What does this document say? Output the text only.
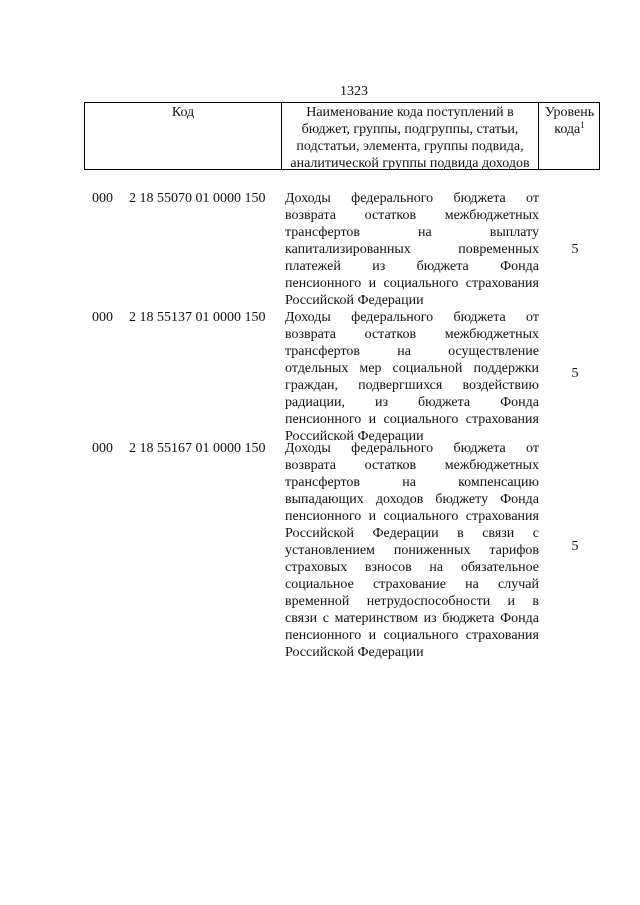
1323
Код	Наименование кода поступлений в
бюджет, группы, подгруппы, статьи,
подстатьи, элемента, группы подвида,
аналитической группы подвида доходов
Уровень
кода$^1$
000 2 18 55070 01 0000 150 Доходы федерального бюджета от
возврата остатков межбюджетных
трансфертов на выплату
капитализированных повременных
платежей из бюджета Фонда
пенсионного и социального страхования
Российской Федерации
5
000 2 18 55137 01 0000 150 Доходы федерального бюджета от
возврата остатков межбюджетных
трансфертов на осуществление
отдельных мер социальной поддержки
граждан, подвергшихся воздействию
радиации, из бюджета Фонда
пенсионного и социального страхования
Российской Федерации
5
000 2 18 55167 01 0000 150 Доходы федерального бюджета от
возврата остатков межбюджетных
трансфертов на компенсацию
выпадающих доходов бюджету Фонда
пенсионного и социального страхования
Российской Федерации в связи с
установлением пониженных тарифов
страховых взносов на обязательное
социальное страхование на случай
временной нетрудоспособности и в
связи с материнством из бюджета Фонда
пенсионного и социального страхования
Российской Федерации
5
